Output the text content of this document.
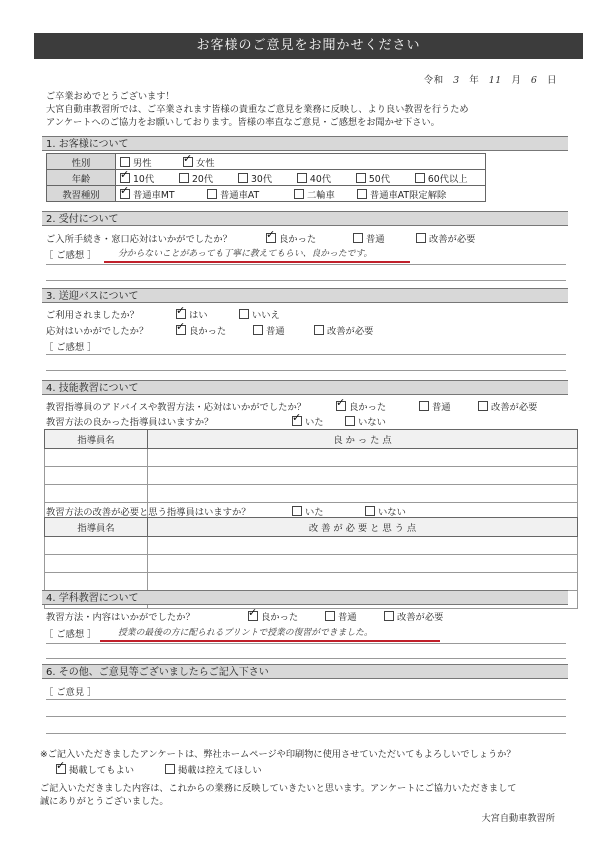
お客様のご意見をお聞かせください
令和 3 年 11 月 6 日
ご卒業おめでとうございます！
大宮自動車教習所では、ご卒業されます皆様の貴重なご意見を業務に反映し、より良い教習を行うため
アンケートへのご協力をお願いしております。皆様の率直なご意見・ご感想をお聞かせ下さい。
1. お客様について
性別	男性 ✓ 女性
年齢	✓10代 20代 30代 40代 50代 60代以上
教習種別	✓普通車MT 普通車AT 二輪車 普通車AT限定解除
2. 受付について
ご入所手続き・窓口応対はいかがでしたか？ ✓	良かった	普通	改善が必要
［ ご感想 ］ 分からないことがあっても丁寧に教えてもらい、良かったです。
3. 送迎バスについて
ご利用されましたか？ ✓	はい	いいえ
応対はいかがでしたか？ ✓	良かった	普通	改善が必要
［ ご感想 ］
4. 技能教習について
教習指導員のアドバイスや教習方法・応対はいかがでしたか？ ✓	良かった	普通	改善が必要
教習方法の良かった指導員はいますか？ ✓	いた	いない
指導員名	良 か っ た 点

教習方法の改善が必要と思う指導員はいますか？	いた	いない
指導員名	改 善 が 必 要 と 思 う 点

4. 学科教習について
教習方法・内容はいかがでしたか？ ✓	良かった	普通	改善が必要
［ ご感想 ］ 授業の最後の方に配られるプリントで授業の復習ができました。
6. その他、ご意見等ございましたらご記入下さい
［ ご意見 ］
※ご記入いただきましたアンケートは、弊社ホームページや印刷物に使用させていただいてもよろしいでしょうか？
✓掲載してもよい	掲載は控えてほしい
ご記入いただきました内容は、これからの業務に反映していきたいと思います。アンケートにご協力いただきまして
誠にありがとうございました。
大宮自動車教習所
